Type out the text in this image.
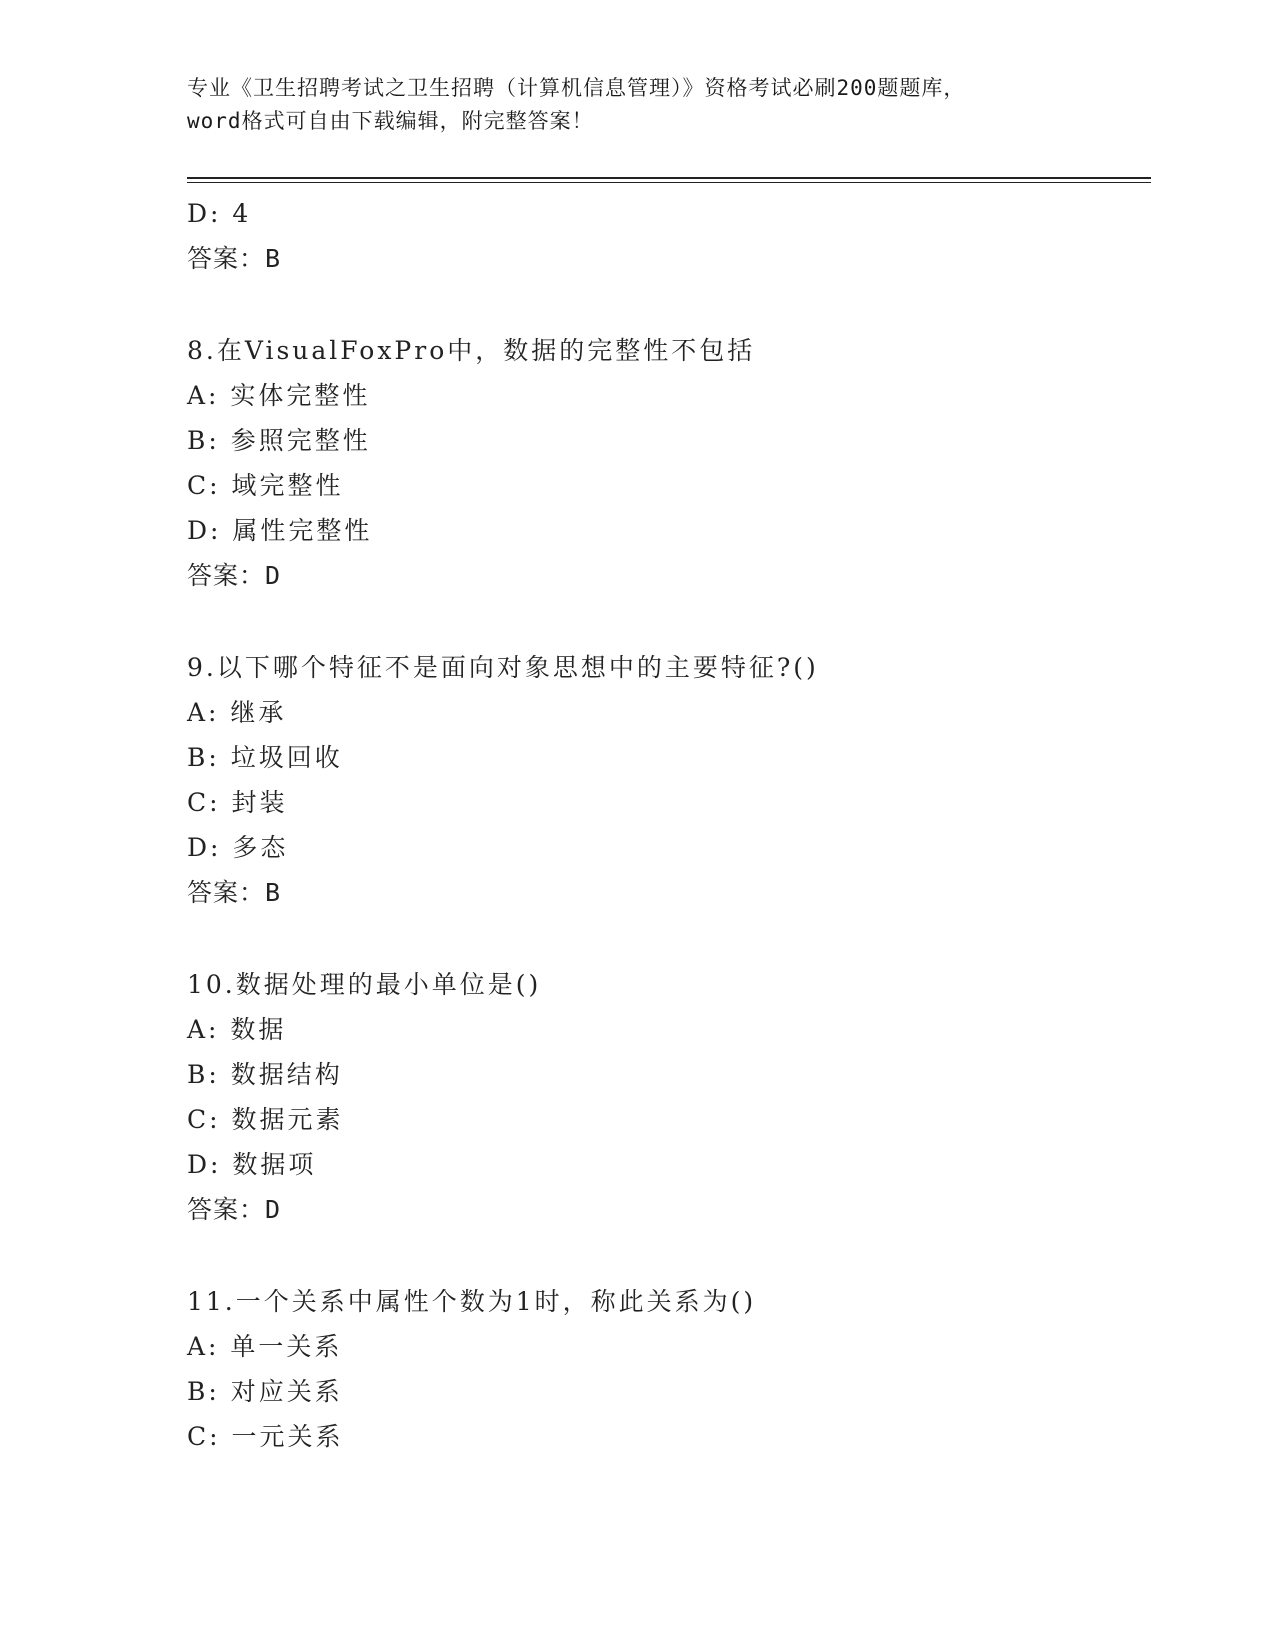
专业《卫生招聘考试之卫生招聘（计算机信息管理）》资格考试必刷200题题库，
word格式可自由下载编辑，附完整答案！
D: 4
答案：B
8.在VisualFoxPro中，数据的完整性不包括
A: 实体完整性
B: 参照完整性
C: 域完整性
D: 属性完整性
答案：D
9.以下哪个特征不是面向对象思想中的主要特征?()
A: 继承
B: 垃圾回收
C: 封装
D: 多态
答案：B
10.数据处理的最小单位是()
A: 数据
B: 数据结构
C: 数据元素
D: 数据项
答案：D
11.一个关系中属性个数为1时，称此关系为()
A: 单一关系
B: 对应关系
C: 一元关系
